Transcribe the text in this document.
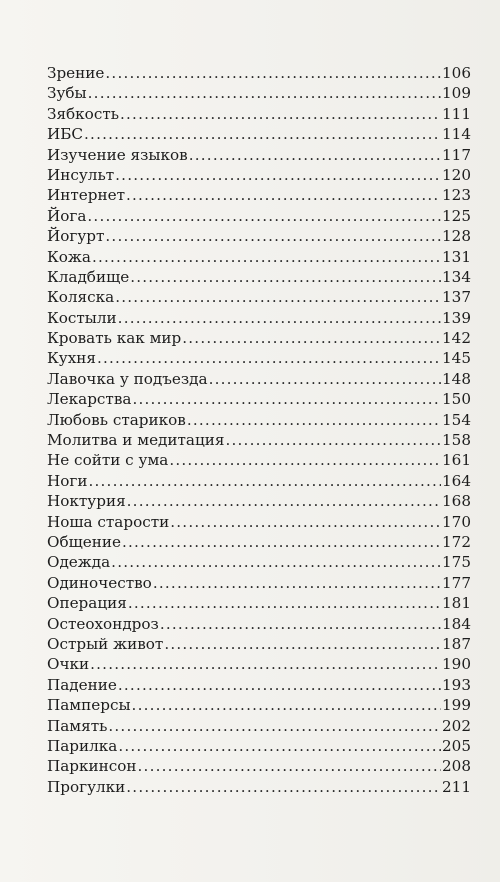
Зрение .....	106
Зубы .....	109
Зябкость .....	111
ИБС .....	114
Изучение языков .....	117
Инсульт .....	120
Интернет .....	123
Йога .....	125
Йогурт .....	128
Кожа .....	131
Кладбище .....	134
Коляска .....	137
Костыли .....	139
Кровать как мир .....	142
Кухня .....	145
Лавочка у подъезда .....	148
Лекарства .....	150
Любовь стариков .....	154
Молитва и медитация .....	158
Не сойти с ума .....	161
Ноги .....	164
Ноктурия .....	168
Ноша старости .....	170
Общение .....	172
Одежда .....	175
Одиночество .....	177
Операция .....	181
Остеохондроз .....	184
Острый живот .....	187
Очки .....	190
Падение .....	193
Памперсы .....	199
Память .....	202
Парилка .....	205
Паркинсон .....	208
Прогулки .....	211
